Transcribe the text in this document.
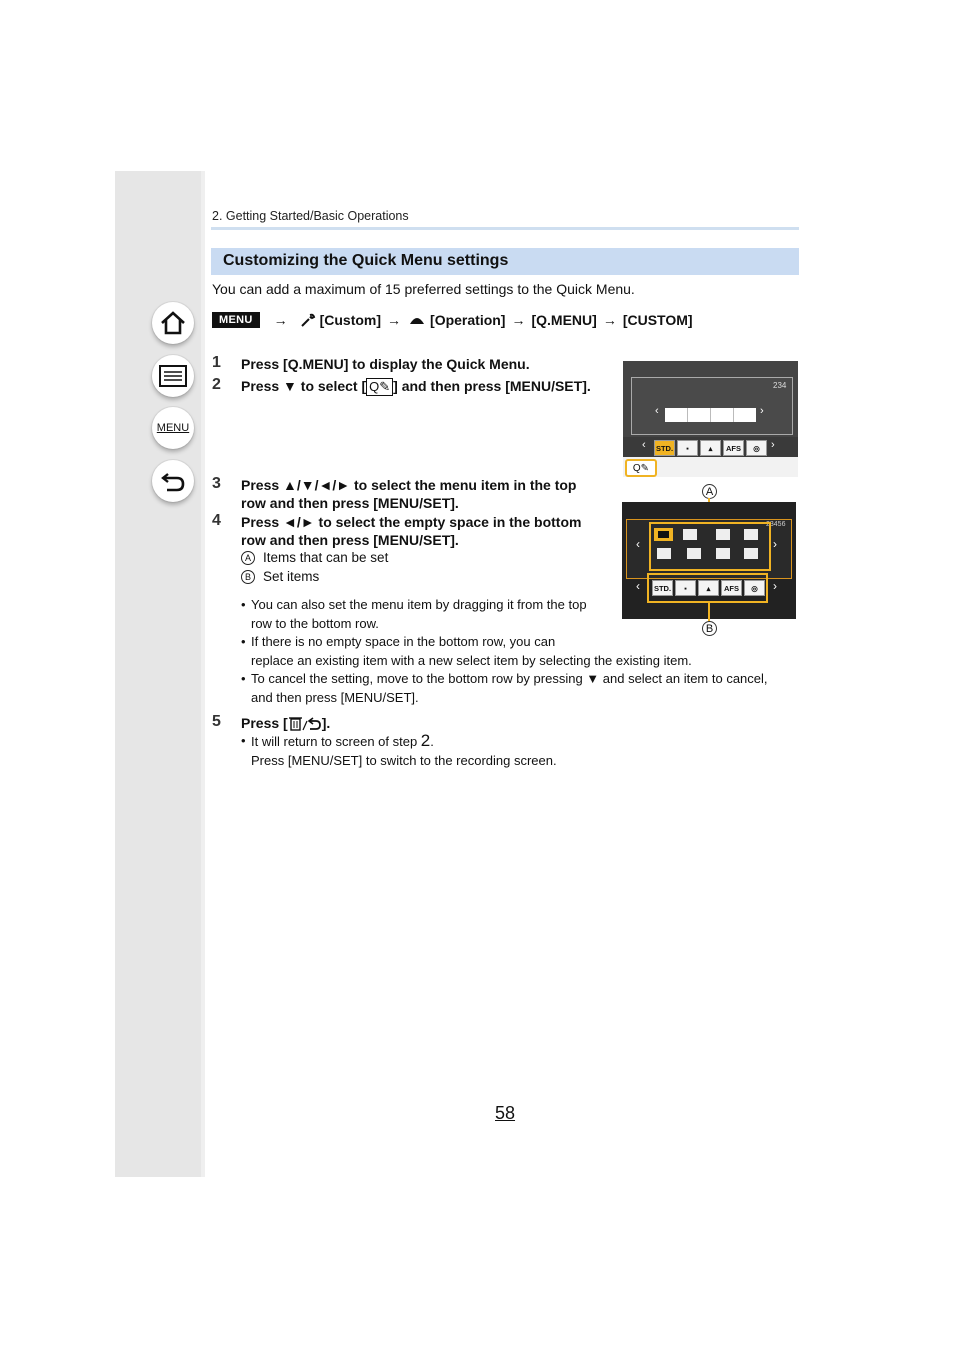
MENU
2. Getting Started/Basic Operations
Customizing the Quick Menu settings
You can add a maximum of 15 preferred settings to the Quick Menu.
MENU	→ [Custom] → [Operation] → [Q.MENU] → [CUSTOM]
1 Press [Q.MENU] to display the Quick Menu.
2 Press ▼ to select [ Q✎ ] and then press [MENU/SET].	234
‹	›
‹ STD.	▪	▴	AFS	◎	›
Q✎
3 Press ▲/▼/◄/► to select the menu item in the top
row and then press [MENU/SET].
4 Press ◄/► to select the empty space in the bottom
row and then press [MENU/SET].
A Items that can be set
B Set items
A
23456
‹	›
‹ STD.	▪	▴	AFS	◎	›
B
• You can also set the menu item by dragging it from the top
row to the bottom row.
• If there is no empty space in the bottom row, you can
replace an existing item with a new select item by selecting the existing item.
• To cancel the setting, move to the bottom row by pressing ▼ and select an item to cancel,
and then press [MENU/SET].
5 Press [ ].
• It will return to screen of step 2.
Press [MENU/SET] to switch to the recording screen.
58
